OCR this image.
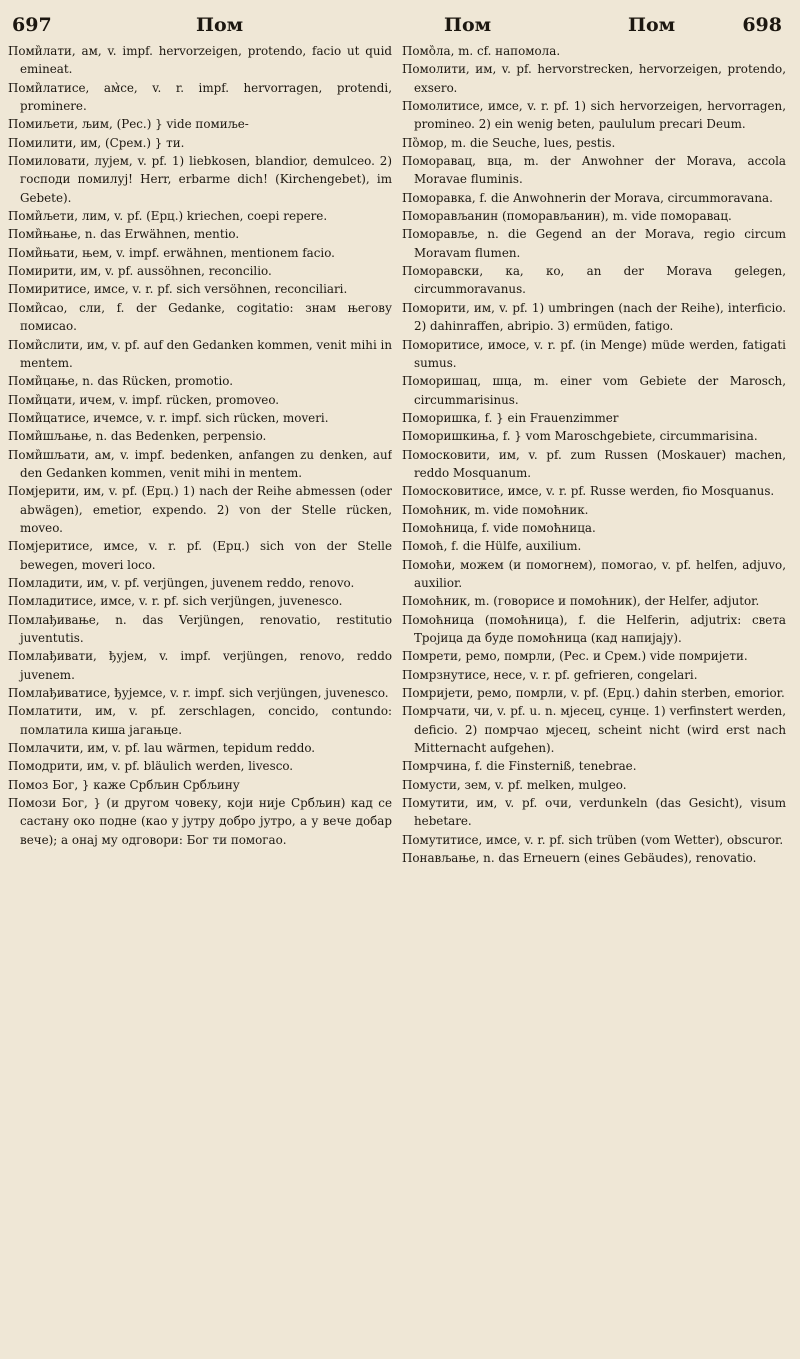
697	Пом	Пом	Пом	698

Поми̏лати, ам, v. impf. hervorzeigen, protendo, facio ut quid emineat.

Поми̏латисе, ам̀се, v. r. impf. hervorragen, protendi, prominere.

Помиљети, љим, (Рес.) } vide помиље-

Помилити, им, (Срем.) } ти.

Помиловати, лујем, v. pf. 1) liebkosen, blandior, demulceo. 2) господи помилуј! Herr, erbarme dich! (Kirchengebet), im Gebete).

Поми̏љети, лим, v. pf. (Ерц.) kriechen, coepi repere.

Поми̏њање, n. das Erwähnen, mentio.

Поми̏њати, њем, v. impf. erwähnen, mentionem facio.

Помирити, им, v. pf. aussöhnen, reconcilio.

Помиритисе, имсе, v. r. pf. sich versöhnen, reconciliari.

Поми̏сао, сли, f. der Gedanke, cogitatio: знам његову помисао.

Поми̏слити, им, v. pf. auf den Gedanken kommen, venit mihi in mentem.

Поми̏цање, n. das Rücken, promotio.

Поми̏цати, ичем, v. impf. rücken, promoveo.

Поми̏цатисе, ичемсе, v. r. impf. sich rücken, moveri.

Поми̏шљање, n. das Bedenken, perpensio.

Поми̏шљати, ам, v. impf. bedenken, anfangen zu denken, auf den Gedanken kommen, venit mihi in mentem.

Помјерити, им, v. pf. (Ерц.) 1) nach der Reihe abmessen (oder abwägen), emetior, expendo. 2) von der Stelle rücken, moveo.

Помјеритисе, имсе, v. r. pf. (Ерц.) sich von der Stelle bewegen, moveri loco.

Помладити, им, v. pf. verjüngen, juvenem reddo, renovo.

Помладитисе, имсе, v. r. pf. sich verjüngen, juvenesco.

Помлађивање, n. das Verjüngen, renovatio, restitutio juventutis.

Помлађивати, ђујем, v. impf. verjüngen, renovo, reddo juvenem.

Помлађиватисе, ђујемсе, v. r. impf. sich verjüngen, juvenesco.

Помлатити, им, v. pf. zerschlagen, concido, contundo: помлатила киша јагањце.

Помлачити, им, v. pf. lau wärmen, tepidum reddo.

Помодрити, им, v. pf. bläulich werden, livesco.

Помоз Бог, } каже Србљин Србљину

Помози Бог, } (и другом човеку, који није Србљин) кад се састану око подне (као у јутру добро јутро, а у вече добар вече); а онај му одговори: Бог ти помогао.

Помо̏ла, m. cf. напомола.

Помолити, им, v. pf. hervorstrecken, hervorzeigen, protendo, exsero.

Помолитисе, имсе, v. r. pf. 1) sich hervorzeigen, hervorragen, promineo. 2) ein wenig beten, paululum precari Deum.

По̏мор, m. die Seuche, lues, pestis.

Поморавац, вца, m. der Anwohner der Morava, accola Moravae fluminis.

Поморавка, f. die Anwohnerin der Morava, circummoravana.

Поморављанин (поморављанин), m. vide поморавац.

Поморавље, n. die Gegend an der Morava, regio circum Moravam flumen.

Поморавски, ка, ко, an der Morava gelegen, circummoravanus.

Поморити, им, v. pf. 1) umbringen (nach der Reihe), interficio. 2) dahinraffen, abripio. 3) ermüden, fatigo.

Поморитисе, имосе, v. r. pf. (in Menge) müde werden, fatigati sumus.

Поморишац, шца, m. einer vom Gebiete der Marosch, circummarisinus.

Поморишка, f. } ein Frauenzimmer

Поморишкиња, f. } vom Maroschgebiete, circummarisina.

Помосковити, им, v. pf. zum Russen (Moskauer) machen, reddo Mosquanum.

Помосковитисе, имсе, v. r. pf. Russe werden, fio Mosquanus.

Помоћник, m. vide помоћник.

Помоћница, f. vide помоћница.

Помоћ, f. die Hülfe, auxilium.

Помоћи, можем (и помогнем), помогао, v. pf. helfen, adjuvo, auxilior.

Помоћник, m. (говорисе и помоћник), der Helfer, adjutor.

Помоћница (помоћница), f. die Helferin, adjutrix: света Тројица да буде помоћница (кад напијају).

Помрети, ремо, помрли, (Рес. и Срем.) vide помријети.

Помрзнутисе, несе, v. r. pf. gefrieren, congelari.

Помријети, ремо, помрли, v. pf. (Ерц.) dahin sterben, emorior.

Помрчати, чи, v. pf. u. n. мјесец, сунце. 1) verfinstert werden, deficio. 2) помрчао мјесец, scheint nicht (wird erst nach Mitternacht aufgehen).

Помрчина, f. die Finsterniß, tenebrae.

Помусти, зем, v. pf. melken, mulgeo.

Помутити, им, v. pf. очи, verdunkeln (das Gesicht), visum hebetare.

Помутитисе, имсе, v. r. pf. sich trüben (vom Wetter), obscuror.

Понављање, n. das Erneuern (eines Gebäudes), renovatio.
